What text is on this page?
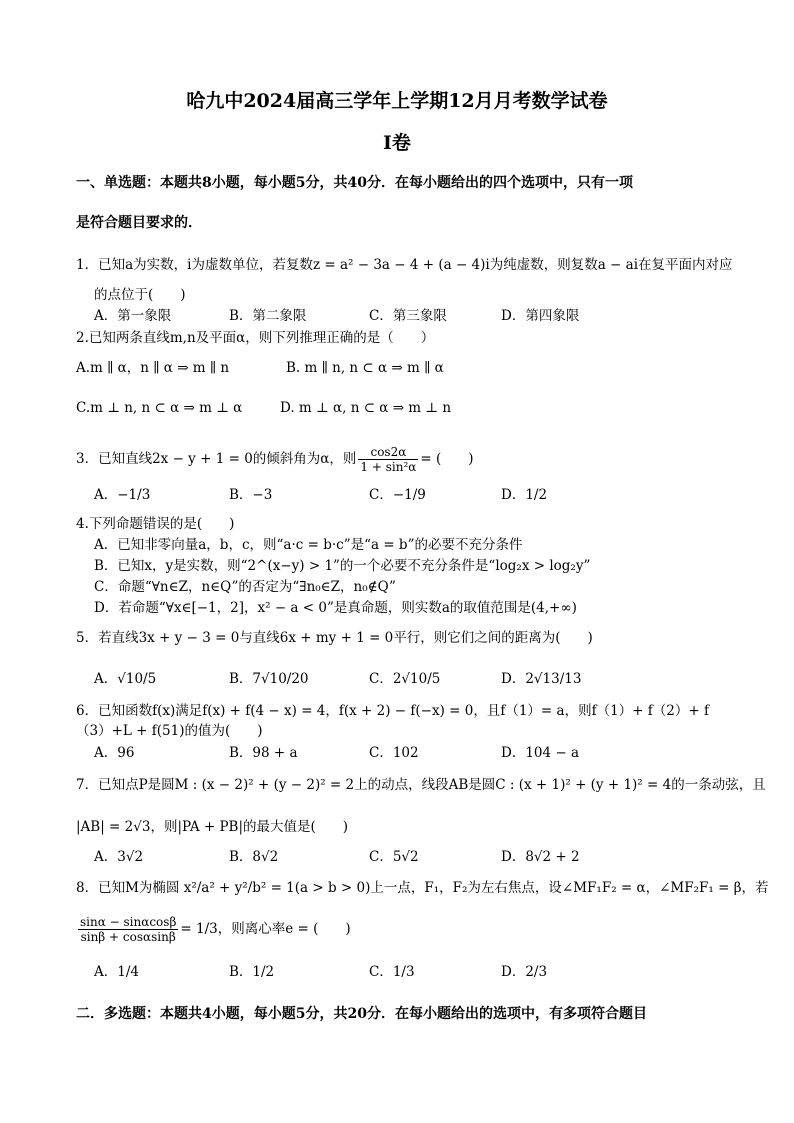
哈九中2024届高三学年上学期12月月考数学试卷
I卷
一、单选题：本题共8小题，每小题5分，共40分．在每小题给出的四个选项中，只有一项
是符合题目要求的．
1．已知a为实数，i为虚数单位，若复数z = a² − 3a − 4 + (a − 4)i为纯虚数，则复数a − ai在复平面内对应
的点位于(　　)
A．第一象限	B．第二象限	C．第三象限	D．第四象限
2.已知两条直线m,n及平面α，则下列推理正确的是（　　）
A.m ∥ α，n ∥ α ⇒ m ∥ n	B. m ∥ n, n ⊂ α ⇒ m ∥ α
C.m ⊥ n, n ⊂ α ⇒ m ⊥ α	D. m ⊥ α, n ⊂ α ⇒ m ⊥ n
3．已知直线2x − y + 1 = 0的倾斜角为α，则 $\frac{\cos 2\alpha}{\text{1 + sin²α}}$ = (　　)
A．−1/3	B．−3	C．−1/9	D．1/2
4.下列命题错误的是(　　)
A．已知非零向量a，b，c，则“a·c = b·c”是“a = b”的必要不充分条件
B．已知x，y是实数，则“2^(x−y) > 1”的一个必要不充分条件是“log₂x > log₂y”
C．命题“∀n∈Z，n∈Q”的否定为“∃n₀∈Z，n₀∉Q”
D．若命题“∀x∈[−1，2]，x² − a < 0”是真命题，则实数a的取值范围是(4,+∞)
5．若直线3x + y − 3 = 0与直线6x + my + 1 = 0平行，则它们之间的距离为(　　)
A．√10/5	B．7√10/20	C．2√10/5	D．2√13/13
6．已知函数f(x)满足f(x) + f(4 − x) = 4，f(x + 2) − f(−x) = 0，且f（1）= a，则f（1）+ f（2）+ f
（3）+L + f(51)的值为(　　)
A．96	B．98 + a	C．102	D．104 − a
7．已知点P是圆M : (x − 2)² + (y − 2)² = 2上的动点，线段AB是圆C : (x + 1)² + (y + 1)² = 4的一条动弦，且
|AB| = 2√3，则|PA + PB|的最大值是(　　)
A．3√2	B．8√2	C．5√2	D．8√2 + 2
8．已知M为椭圆 x²/a² + y²/b² = 1(a > b > 0)上一点，F₁，F₂为左右焦点，设∠MF₁F₂ = α，∠MF₂F₁ = β，若
$\frac{\sin\alpha - \sin\alpha\cos\beta}{\sin\beta + \cos\alpha\sin\beta} = 1/3$，则离心率e = (　　)
A．1/4	B．1/2	C．1/3	D．2/3
二．多选题：本题共4小题，每小题5分，共20分．在每小题给出的选项中，有多项符合题目
